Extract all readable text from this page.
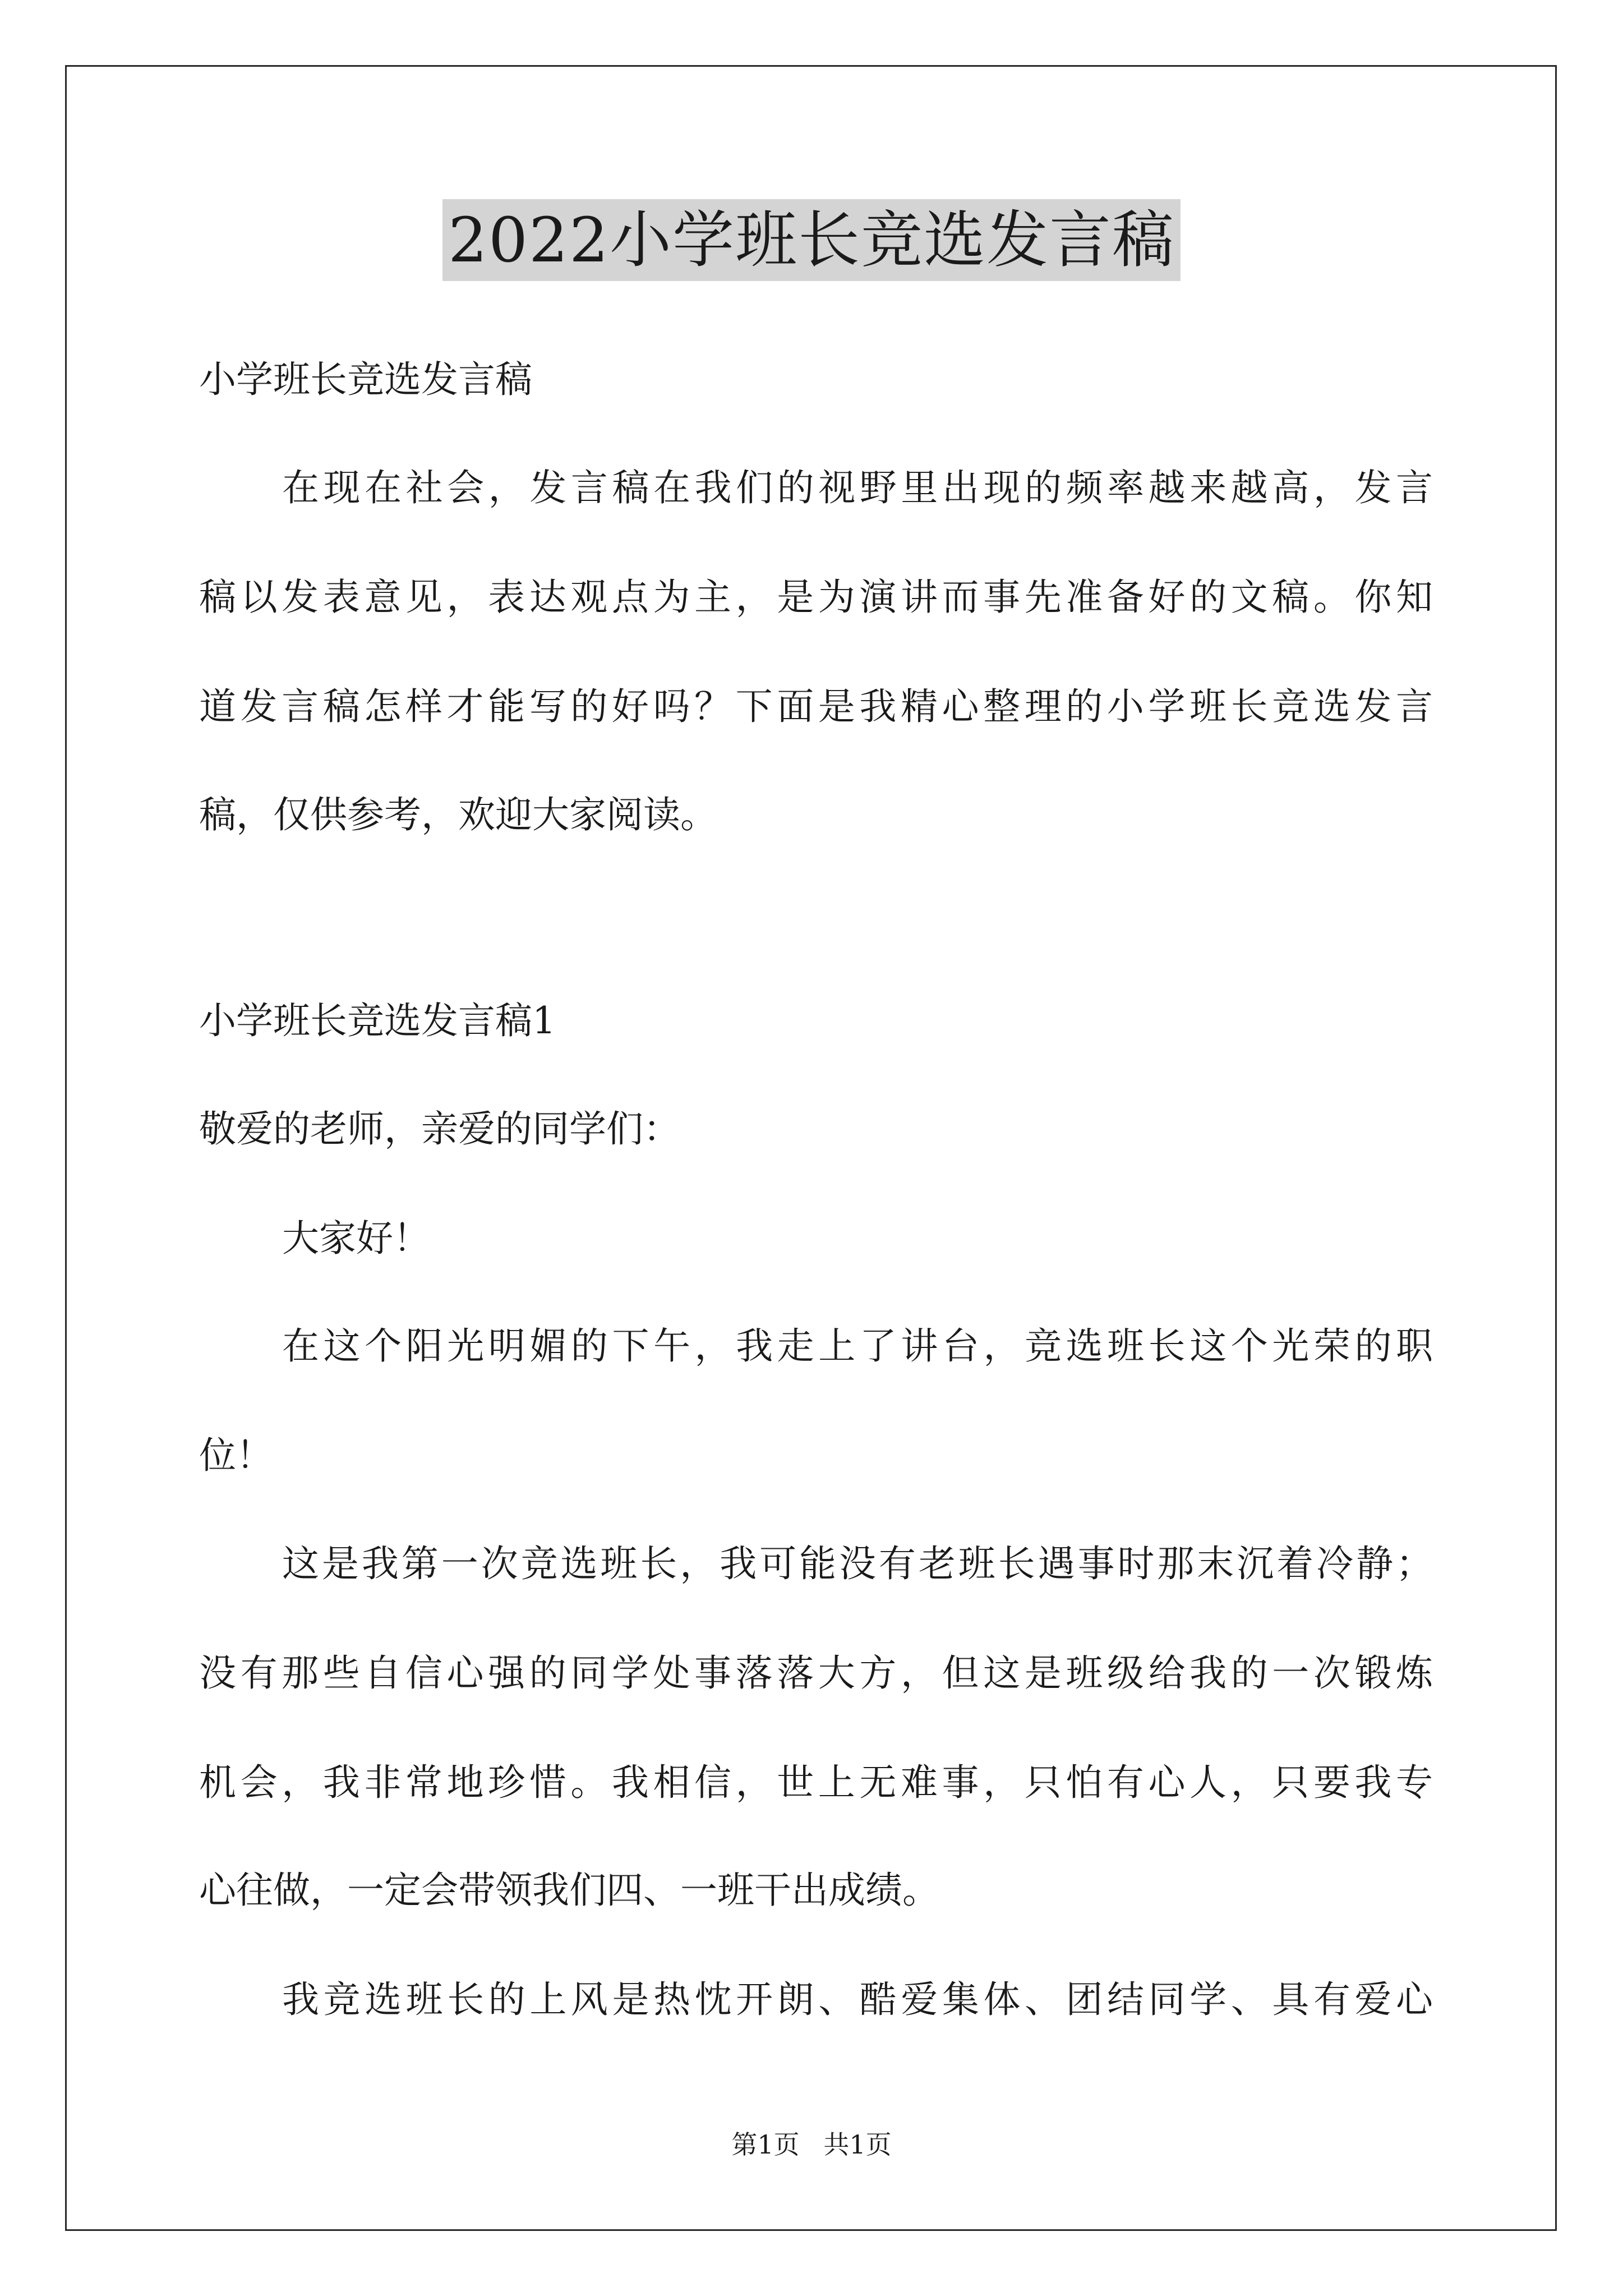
2022小学班长竞选发言稿
小学班长竞选发言稿
在现在社会，发言稿在我们的视野里出现的频率越来越高，发言
稿以发表意见，表达观点为主，是为演讲而事先准备好的文稿。你知
道发言稿怎样才能写的好吗？下面是我精心整理的小学班长竞选发言
稿，仅供参考，欢迎大家阅读。
小学班长竞选发言稿1
敬爱的老师，亲爱的同学们：
大家好！
在这个阳光明媚的下午，我走上了讲台，竞选班长这个光荣的职
位！
这是我第一次竞选班长，我可能没有老班长遇事时那末沉着冷静；
没有那些自信心强的同学处事落落大方，但这是班级给我的一次锻炼
机会，我非常地珍惜。我相信，世上无难事，只怕有心人，只要我专
心往做，一定会带领我们四、一班干出成绩。
我竞选班长的上风是热忱开朗、酷爱集体、团结同学、具有爱心
第1页 共1页
